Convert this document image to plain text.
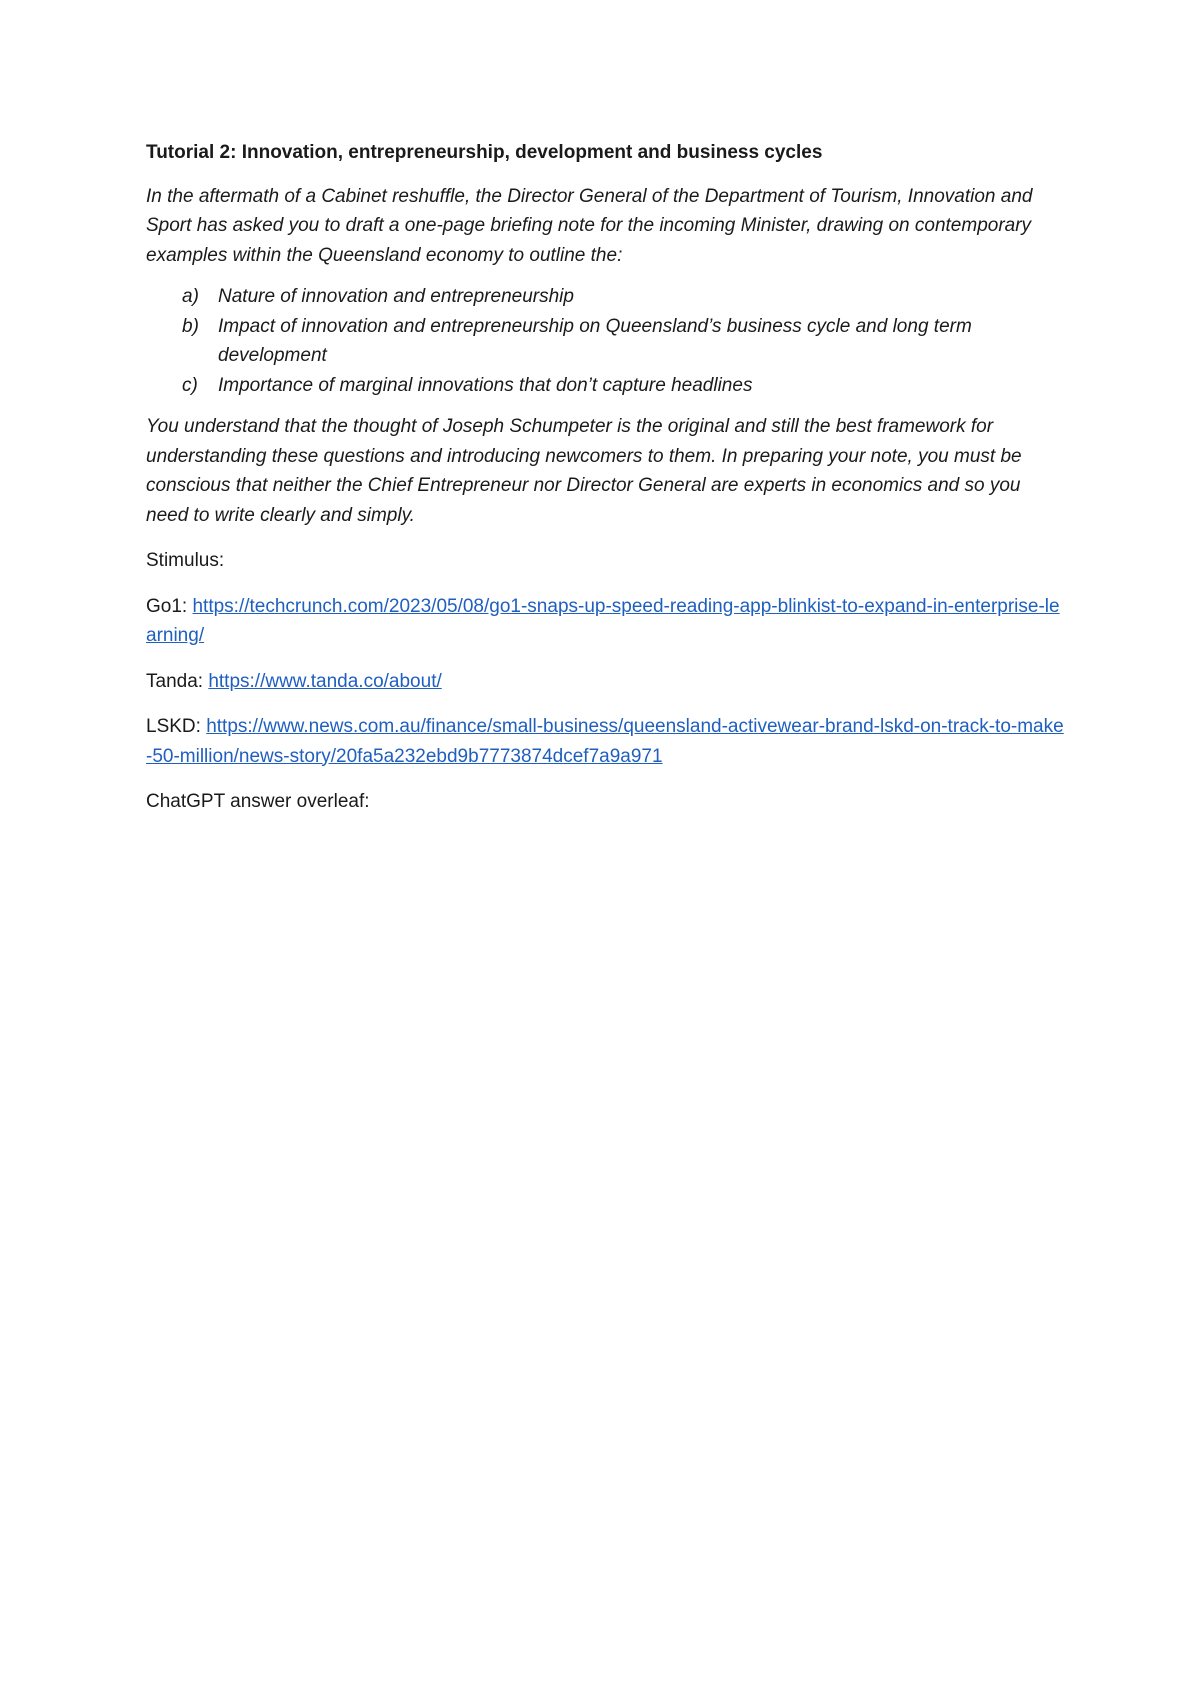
Tutorial 2: Innovation, entrepreneurship, development and business cycles

In the aftermath of a Cabinet reshuffle, the Director General of the Department of Tourism, Innovation and Sport has asked you to draft a one-page briefing note for the incoming Minister, drawing on contemporary examples within the Queensland economy to outline the:

a) Nature of innovation and entrepreneurship
b) Impact of innovation and entrepreneurship on Queensland’s business cycle and long term development
c) Importance of marginal innovations that don’t capture headlines

You understand that the thought of Joseph Schumpeter is the original and still the best framework for understanding these questions and introducing newcomers to them. In preparing your note, you must be conscious that neither the Chief Entrepreneur nor Director General are experts in economics and so you need to write clearly and simply.

Stimulus:

Go1: https://techcrunch.com/2023/05/08/go1-snaps-up-speed-reading-app-blinkist-to-expand-in-enterprise-learning/

Tanda: https://www.tanda.co/about/

LSKD: https://www.news.com.au/finance/small-business/queensland-activewear-brand-lskd-on-track-to-make-50-million/news-story/20fa5a232ebd9b7773874dcef7a9a971

ChatGPT answer overleaf:
